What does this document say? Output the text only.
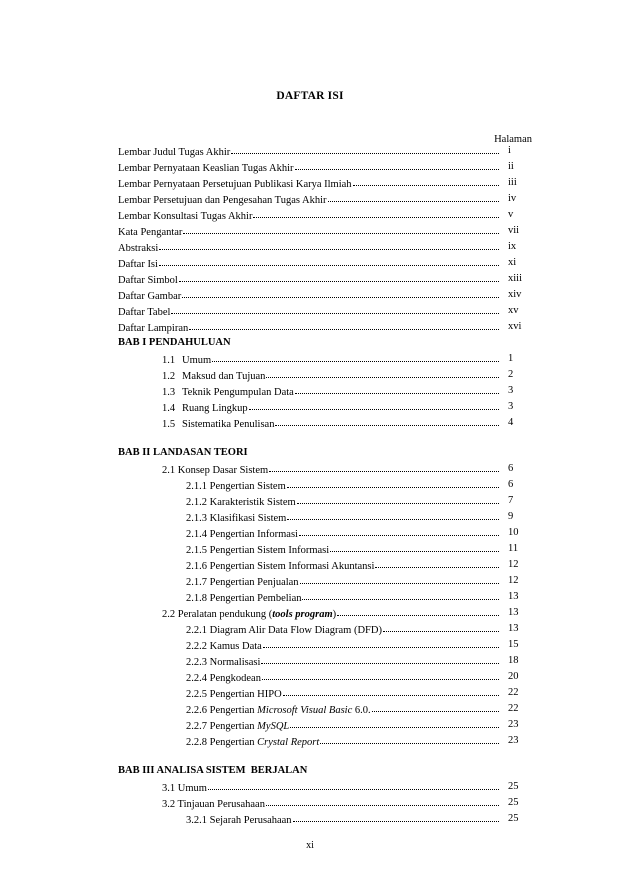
DAFTAR ISI
Halaman
Lembar Judul Tugas Akhir	i
Lembar Pernyataan Keaslian Tugas Akhir	ii
Lembar Pernyataan Persetujuan Publikasi Karya Ilmiah	iii
Lembar Persetujuan dan Pengesahan Tugas Akhir	iv
Lembar Konsultasi Tugas Akhir	v
Kata Pengantar	vii
Abstraksi	ix
Daftar Isi	xi
Daftar Simbol	xiii
Daftar Gambar	xiv
Daftar Tabel	xv
Daftar Lampiran	xvi
BAB I PENDAHULUAN
1.1 Umum	1
1.2 Maksud dan Tujuan	2
1.3 Teknik Pengumpulan Data	3
1.4 Ruang Lingkup	3
1.5 Sistematika Penulisan	4
BAB II LANDASAN TEORI
2.1 Konsep Dasar Sistem	6
2.1.1 Pengertian Sistem	6
2.1.2 Karakteristik Sistem	7
2.1.3 Klasifikasi Sistem	9
2.1.4 Pengertian Informasi	10
2.1.5 Pengertian Sistem Informasi	11
2.1.6 Pengertian Sistem Informasi Akuntansi	12
2.1.7 Pengertian Penjualan	12
2.1.8 Pengertian Pembelian	13
2.2 Peralatan pendukung (tools program)	13
2.2.1 Diagram Alir Data Flow Diagram (DFD)	13
2.2.2 Kamus Data	15
2.2.3 Normalisasi	18
2.2.4 Pengkodean	20
2.2.5 Pengertian HIPO	22
2.2.6 Pengertian Microsoft Visual Basic 6.0.	22
2.2.7 Pengertian MySQL	23
2.2.8 Pengertian Crystal Report	23
BAB III ANALISA SISTEM  BERJALAN
3.1 Umum	25
3.2 Tinjauan Perusahaan	25
3.2.1 Sejarah Perusahaan	25
xi
